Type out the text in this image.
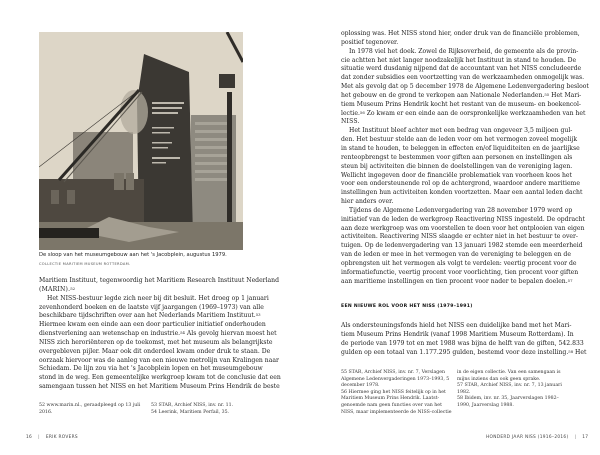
De sloop van het museumgebouw aan het 's Jacobplein, augustus 1979.
COLLECTIE MARITIEM MUSEUM ROTTERDAM.

Maritiem Instituut, tegenwoordig het Maritiem Research Instituut Nederland

(MARIN).$^{52}$

Het NISS-bestuur legde zich neer bij dit besluit. Het droeg op 1 januari

zevenhonderd boeken en de laatste vijf jaargangen (1969–1973) van alle

beschikbare tijdschriften over aan het Nederlands Maritiem Instituut.$^{53}$

Hiermee kwam een einde aan een door particulier initiatief onderhouden

dienstverlening aan wetenschap en industrie.$^{54}$ Als gevolg hiervan moest het

NISS zich heroriënteren op de toekomst, met het museum als belangrijkste

overgebleven pijler. Maar ook dit onderdeel kwam onder druk te staan. De

oorzaak hiervoor was de aanleg van een nieuwe metrolijn van Kralingen naar

Schiedam. De lijn zou via het 's Jacobplein lopen en het museumgebouw

stond in de weg. Een gemeentelijke werkgroep kwam tot de conclusie dat een

samengaan tussen het NISS en het Maritiem Museum Prins Hendrik de beste

52 www.marin.nl., geraadpleegd op 13 juli

2016.

53 STAR, Archief NISS, inv. nr. 11.

54 Leerink, Maritiem Perfail, 35.

16 | ERIK ROVERS

oplossing was. Het NISS stond hier, onder druk van de financiële problemen,

positief tegenover.

In 1978 viel het doek. Zowel de Rijksoverheid, de gemeente als de provin-

cie achtten het niet langer noodzakelijk het Instituut in stand te houden. De

situatie werd dusdanig nijpend dat de accountant van het NISS concludeerde

dat zonder subsidies een voortzetting van de werkzaamheden onmogelijk was.

Met als gevolg dat op 5 december 1978 de Algemene Ledenvergadering besloot

het gebouw en de grond te verkopen aan Nationale Nederlanden.$^{55}$ Het Mari-

tiem Museum Prins Hendrik kocht het restant van de museum- en boekencol-

lectie.$^{56}$ Zo kwam er een einde aan de oorspronkelijke werkzaamheden van het

NISS.

Het Instituut bleef achter met een bedrag van ongeveer 3,5 miljoen gul-

den. Het bestuur stelde aan de leden voor om het vermogen zoveel mogelijk

in stand te houden, te beleggen in effecten en/of liquiditeiten en de jaarlijkse

renteopbrengst te bestemmen voor giften aan personen en instellingen als

steun bij activiteiten die binnen de doelstellingen van de vereniging lagen.

Wellicht ingegeven door de financiële problematiek van voorheen koos het

voor een ondersteunende rol op de achtergrond, waardoor andere maritieme

instellingen hun activiteiten konden voortzetten. Maar een aantal leden dacht

hier anders over.

Tijdens de Algemene Ledenvergadering van 28 november 1979 werd op

initiatief van de leden de werkgroep Reactivering NISS ingesteld. De opdracht

aan deze werkgroep was om voorstellen te doen voor het ontplooien van eigen

activiteiten. Reactivering NISS slaagde er echter niet in het bestuur te over-

tuigen. Op de ledenvergadering van 13 januari 1982 stemde een meerderheid

van de leden er mee in het vermogen van de vereniging te beleggen en de

opbrengsten uit het vermogen als volgt te verdelen: veertig procent voor de

informatiefunctie, veertig procent voor voorlichting, tien procent voor giften

aan maritieme instellingen en tien procent voor nader te bepalen doelen.$^{57}$

EEN NIEUWE ROL VOOR HET NISS (1979–1991)

Als ondersteuningsfonds hield het NISS een duidelijke band met het Mari-

tiem Museum Prins Hendrik (vanaf 1998 Maritiem Museum Rotterdam). In

de periode van 1979 tot en met 1988 was bijna de helft van de giften, 542.833

gulden op een totaal van 1.177.295 gulden, bestemd voor deze instelling.$^{58}$ Het

55 STAR, Archief NISS, inv. nr. 7, Verslagen

Algemene Ledenvergaderingen 1973–1993, 5

december 1978.

56 Hiermee ging het NISS feitelijk op in het

Maritiem Museum Prins Hendrik. Laatst-

genoemde nam geen functies over van het

NISS, maar implementeerde de NISS-collectie

in de eigen collectie. Van een samengaan is

mijns inziens dan ook geen sprake.

57 STAR, Archief NISS, inv. nr. 7, 13 januari

1982.

58 Ibidem, inv. nr. 35, Jaarverslagen 1982–

1990, Jaarverslag 1988.

HONDERD JAAR NISS (1916–2016) | 17
